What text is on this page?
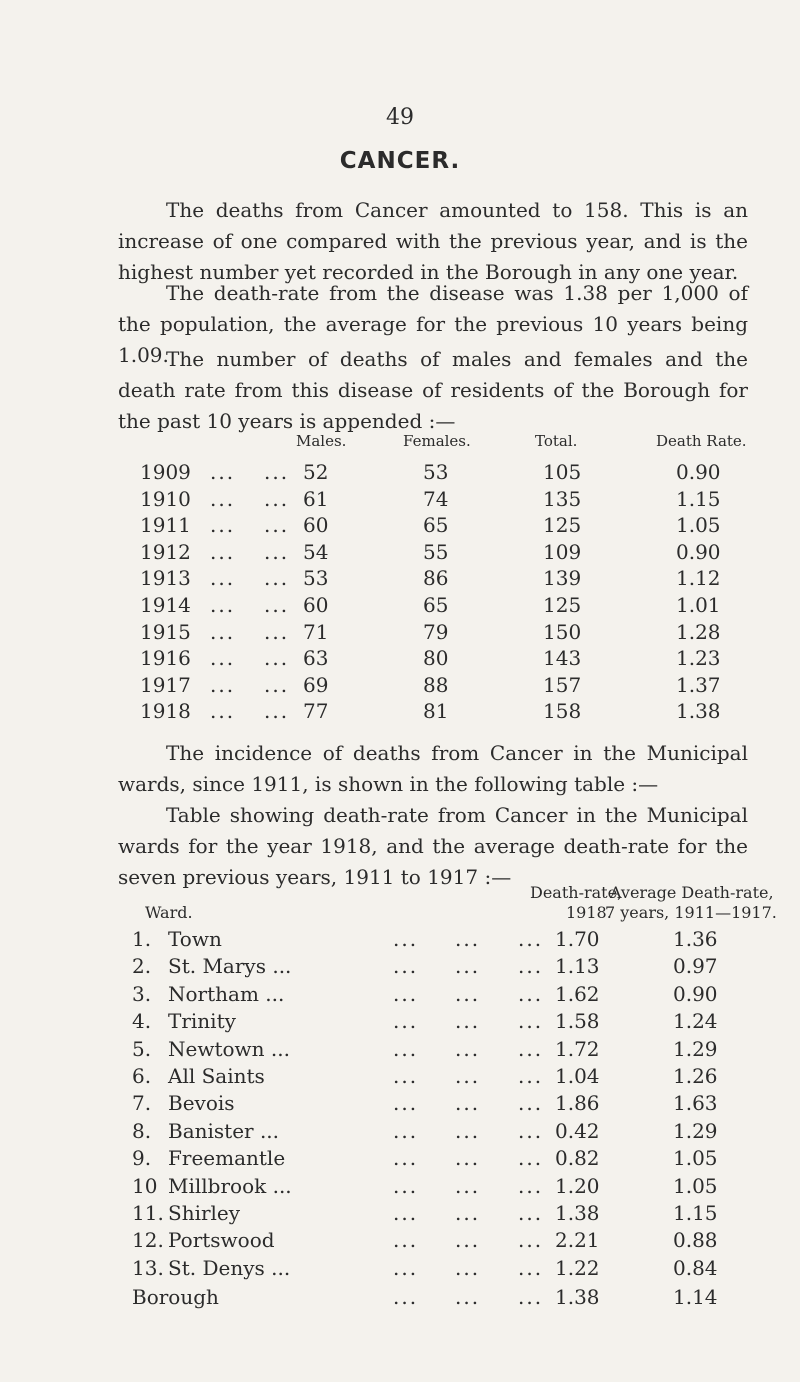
49
CANCER.

The deaths from Cancer amounted to 158. This is an increase of one compared with the previous year, and is the highest number yet recorded in the Borough in any one year.

The death-rate from the disease was 1.38 per 1,000 of the population, the average for the previous 10 years being 1.09.

The number of deaths of males and females and the death rate from this disease of residents of the Borough for the past 10 years is appended :—

Males.	Females.	Total.	Death Rate.
1909 ... ... 52	53	105	0.90
1910 ... ... 61	74	135	1.15
1911 ... ... 60	65	125	1.05
1912 ... ... 54	55	109	0.90
1913 ... ... 53	86	139	1.12
1914 ... ... 60	65	125	1.01
1915 ... ... 71	79	150	1.28
1916 ... ... 63	80	143	1.23
1917 ... ... 69	88	157	1.37
1918 ... ... 77	81	158	1.38

The incidence of deaths from Cancer in the Municipal wards, since 1911, is shown in the following table :—

Table showing death-rate from Cancer in the Municipal wards for the year 1918, and the average death-rate for the seven previous years, 1911 to 1917 :—

Ward.
Death-rate,
1918.
Average Death-rate,
7 years, 1911—1917.
1. Town	... ... ... 1.70	1.36
2. St. Marys ...	... ... ... 1.13	0.97
3. Northam ...	... ... ... 1.62	0.90
4. Trinity	... ... ... 1.58	1.24
5. Newtown ...	... ... ... 1.72	1.29
6. All Saints	... ... ... 1.04	1.26
7. Bevois	... ... ... 1.86	1.63
8. Banister ...	... ... ... 0.42	1.29
9. Freemantle	... ... ... 0.82	1.05
10 Millbrook ...	... ... ... 1.20	1.05
11. Shirley	... ... ... 1.38	1.15
12. Portswood	... ... ... 2.21	0.88
13. St. Denys ...	... ... ... 1.22	0.84
Borough	... ... ... 1.38	1.14
